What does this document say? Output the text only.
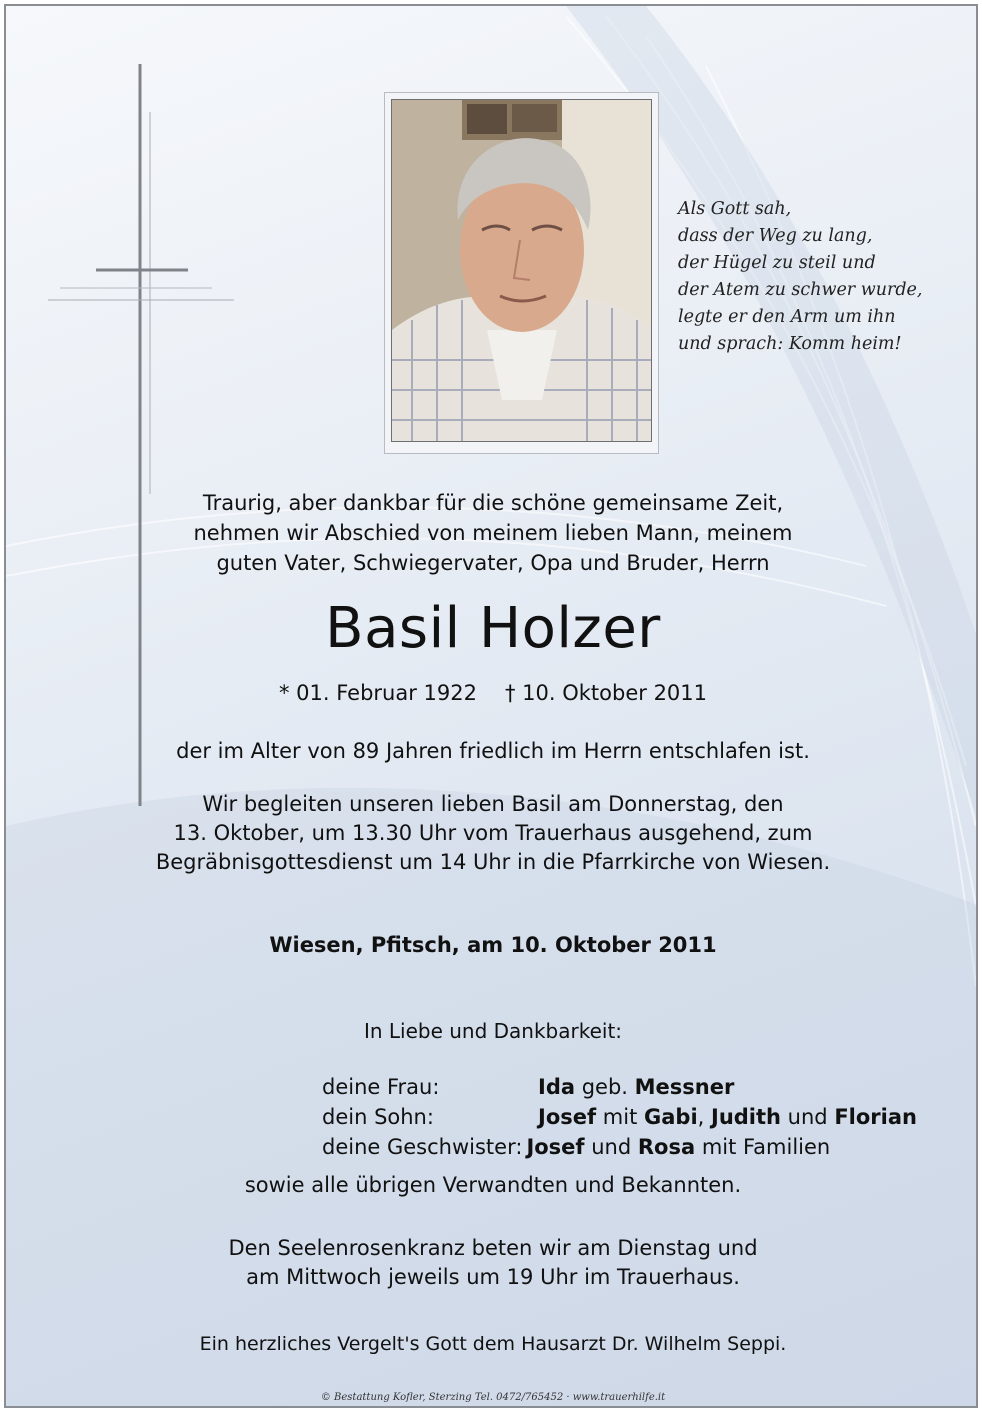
Als Gott sah,
dass der Weg zu lang,
der Hügel zu steil und
der Atem zu schwer wurde,
legte er den Arm um ihn
und sprach: Komm heim!
Traurig, aber dankbar für die schöne gemeinsame Zeit,
nehmen wir Abschied von meinem lieben Mann, meinem
guten Vater, Schwiegervater, Opa und Bruder, Herrn
Basil Holzer
* 01. Februar 1922 † 10. Oktober 2011
der im Alter von 89 Jahren friedlich im Herrn entschlafen ist.
Wir begleiten unseren lieben Basil am Donnerstag, den
13. Oktober, um 13.30 Uhr vom Trauerhaus ausgehend, zum
Begräbnisgottesdienst um 14 Uhr in die Pfarrkirche von Wiesen.
Wiesen, Pfitsch, am 10. Oktober 2011
In Liebe und Dankbarkeit:
deine Frau:	Ida geb. Messner
dein Sohn:	Josef mit Gabi, Judith und Florian
deine Geschwister: Josef und Rosa mit Familien
sowie alle übrigen Verwandten und Bekannten.
Den Seelenrosenkranz beten wir am Dienstag und
am Mittwoch jeweils um 19 Uhr im Trauerhaus.
Ein herzliches Vergelt's Gott dem Hausarzt Dr. Wilhelm Seppi.
© Bestattung Kofler, Sterzing Tel. 0472/765452 · www.trauerhilfe.it
